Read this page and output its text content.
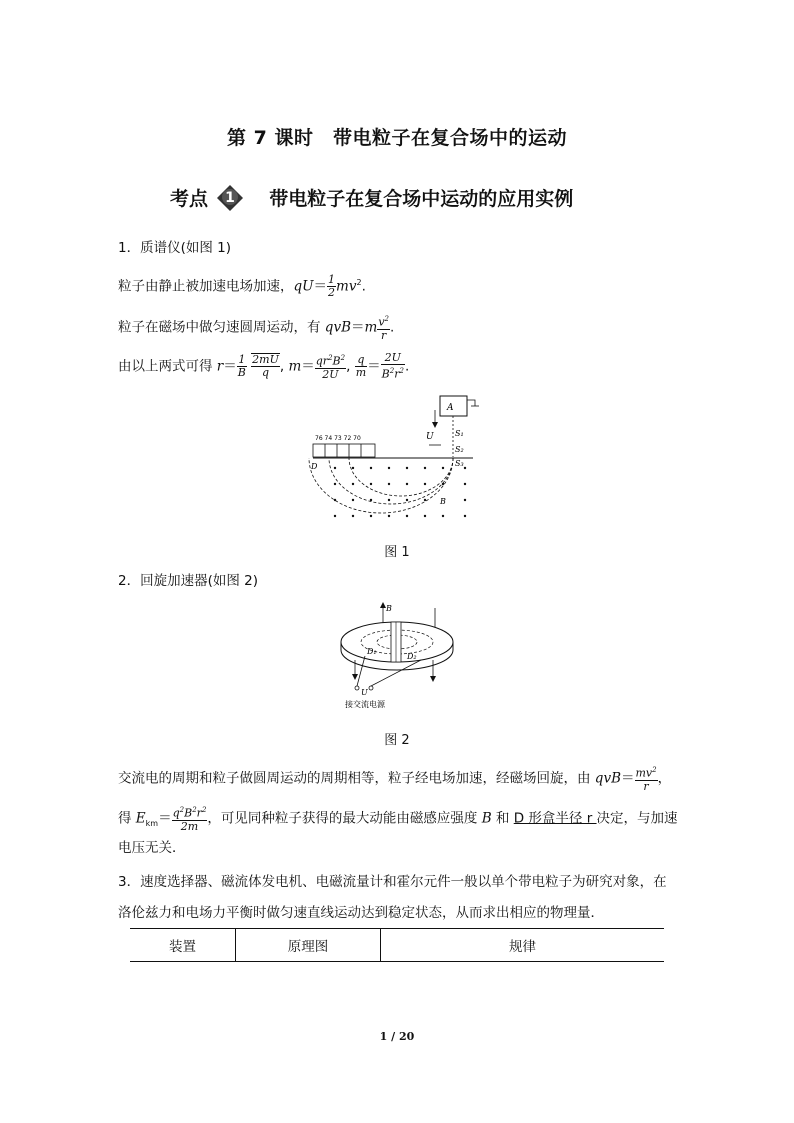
第 7 课时　带电粒子在复合场中的运动
考点 1 带电粒子在复合场中运动的应用实例
1．质谱仪(如图 1)
粒子由静止被加速电场加速，$qU= \frac{1}{2} mv^2$.
粒子在磁场中做匀速圆周运动，有 $qvB=m \frac{v^2}{r}$ .
由以上两式可得 $r= \frac{1}{B}$
$\frac{2mU}{q}$ , $m= \frac{qr^2B^2}{2U}$ , $\frac{q}{m} = \frac{2U}{B^2r^2}$ .
A
U	S₁
S₂
S₃
76 74 73 72 70
D
B
图 1
2．回旋加速器(如图 2)
B
D₁
D₂
U
接交流电源
图 2
交流电的周期和粒子做圆周运动的周期相等，粒子经电场加速，经磁场回旋，由 $qvB= \frac{mv^2}{r}$ ，
得 $E_{km}= \frac{q^2B^2r^2}{2m}$ ，可见同种粒子获得的最大动能由磁感应强度 B 和 D 形盒半径 r 决定，与加速
电压无关．
3．速度选择器、磁流体发电机、电磁流量计和霍尔元件一般以单个带电粒子为研究对象，在
洛伦兹力和电场力平衡时做匀速直线运动达到稳定状态，从而求出相应的物理量．
装置	原理图	规律
1 / 20
